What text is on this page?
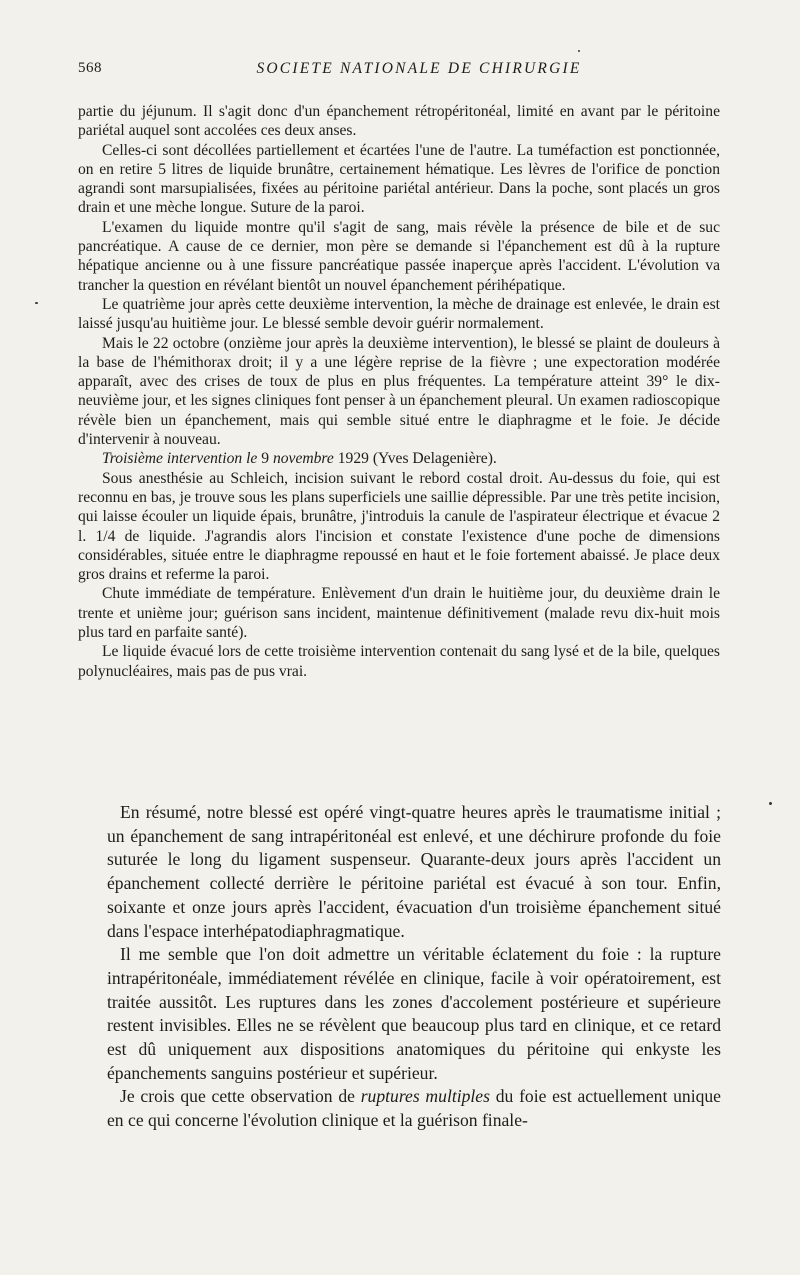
568	SOCIETE NATIONALE DE CHIRURGIE

partie du jéjunum. Il s'agit donc d'un épanchement rétropéritonéal, limité en avant par le péritoine pariétal auquel sont accolées ces deux anses.

Celles-ci sont décollées partiellement et écartées l'une de l'autre. La tuméfaction est ponctionnée, on en retire 5 litres de liquide brunâtre, certainement hématique. Les lèvres de l'orifice de ponction agrandi sont marsupialisées, fixées au péritoine pariétal antérieur. Dans la poche, sont placés un gros drain et une mèche longue. Suture de la paroi.

L'examen du liquide montre qu'il s'agit de sang, mais révèle la présence de bile et de suc pancréatique. A cause de ce dernier, mon père se demande si l'épanchement est dû à la rupture hépatique ancienne ou à une fissure pancréatique passée inaperçue après l'accident. L'évolution va trancher la question en révélant bientôt un nouvel épanchement périhépatique.

Le quatrième jour après cette deuxième intervention, la mèche de drainage est enlevée, le drain est laissé jusqu'au huitième jour. Le blessé semble devoir guérir normalement.

Mais le 22 octobre (onzième jour après la deuxième intervention), le blessé se plaint de douleurs à la base de l'hémithorax droit; il y a une légère reprise de la fièvre ; une expectoration modérée apparaît, avec des crises de toux de plus en plus fréquentes. La température atteint 39° le dix-neuvième jour, et les signes cliniques font penser à un épanchement pleural. Un examen radioscopique révèle bien un épanchement, mais qui semble situé entre le diaphragme et le foie. Je décide d'intervenir à nouveau.

Troisième intervention le 9 novembre 1929 (Yves Delagenière).

Sous anesthésie au Schleich, incision suivant le rebord costal droit. Au-dessus du foie, qui est reconnu en bas, je trouve sous les plans superficiels une saillie dépressible. Par une très petite incision, qui laisse écouler un liquide épais, brunâtre, j'introduis la canule de l'aspirateur électrique et évacue 2 l. 1/4 de liquide. J'agrandis alors l'incision et constate l'existence d'une poche de dimensions considérables, située entre le diaphragme repoussé en haut et le foie fortement abaissé. Je place deux gros drains et referme la paroi.

Chute immédiate de température. Enlèvement d'un drain le huitième jour, du deuxième drain le trente et unième jour; guérison sans incident, maintenue définitivement (malade revu dix-huit mois plus tard en parfaite santé).

Le liquide évacué lors de cette troisième intervention contenait du sang lysé et de la bile, quelques polynucléaires, mais pas de pus vrai.

En résumé, notre blessé est opéré vingt-quatre heures après le traumatisme initial ; un épanchement de sang intrapéritonéal est enlevé, et une déchirure profonde du foie suturée le long du ligament suspenseur. Quarante-deux jours après l'accident un épanchement collecté derrière le péritoine pariétal est évacué à son tour. Enfin, soixante et onze jours après l'accident, évacuation d'un troisième épanchement situé dans l'espace interhépatodiaphragmatique.

Il me semble que l'on doit admettre un véritable éclatement du foie : la rupture intrapéritonéale, immédiatement révélée en clinique, facile à voir opératoirement, est traitée aussitôt. Les ruptures dans les zones d'accolement postérieure et supérieure restent invisibles. Elles ne se révèlent que beaucoup plus tard en clinique, et ce retard est dû uniquement aux dispositions anatomiques du péritoine qui enkyste les épanchements sanguins postérieur et supérieur.

Je crois que cette observation de ruptures multiples du foie est actuellement unique en ce qui concerne l'évolution clinique et la guérison finale-
